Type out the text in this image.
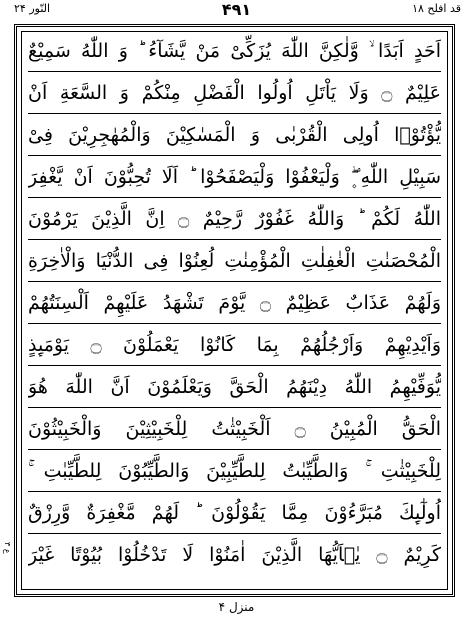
النّور ۲۴	۴۹۱	قد افلح ۱۸
اَحَدٍ اَبَدًا ۙ وَّلٰكِنَّ اللّٰهَ یُزَكِّیْ مَنْ یَّشَآءُ ؕ وَ اللّٰهُ سَمِیْعٌ
عَلِیْمٌ ۝ وَلَا یَاْتَلِ اُولُوا الْفَضْلِ مِنْكُمْ وَ السَّعَةِ اَنْ
یُّؤْتُوْۤا اُولِی الْقُرْبٰی وَ الْمَسٰكِیْنَ وَالْمُهٰجِرِیْنَ فِیْ
سَبِیْلِ اللّٰهِ ۪ۖ وَلْیَعْفُوْا وَلْیَصْفَحُوْا ؕ اَلَا تُحِبُّوْنَ اَنْ یَّغْفِرَ
اللّٰهُ لَكُمْ ؕ وَاللّٰهُ غَفُوْرٌ رَّحِیْمٌ ۝ اِنَّ الَّذِیْنَ یَرْمُوْنَ
الْمُحْصَنٰتِ الْغٰفِلٰتِ الْمُؤْمِنٰتِ لُعِنُوْا فِی الدُّنْیَا وَالْاٰخِرَةِ
وَلَهُمْ عَذَابٌ عَظِیْمٌ ۝ یَّوْمَ تَشْهَدُ عَلَیْهِمْ اَلْسِنَتُهُمْ
وَاَیْدِیْهِمْ وَاَرْجُلُهُمْ بِمَا كَانُوْا یَعْمَلُوْنَ ۝ یَوْمَىِٕذٍ
یُّوَفِّیْهِمُ اللّٰهُ دِیْنَهُمُ الْحَقَّ وَیَعْلَمُوْنَ اَنَّ اللّٰهَ هُوَ
الْحَقُّ الْمُبِیْنُ ۝ اَلْخَبِیْثٰتُ لِلْخَبِیْثِیْنَ وَالْخَبِیْثُوْنَ
لِلْخَبِیْثٰتِ ۚ وَالطَّیِّبٰتُ لِلطَّیِّبِیْنَ وَالطَّیِّبُوْنَ لِلطَّیِّبٰتِ ۚ
اُولٰٓىِٕكَ مُبَرَّءُوْنَ مِمَّا یَقُوْلُوْنَ ؕ لَهُمْ مَّغْفِرَةٌ وَّرِزْقٌ
كَرِیْمٌ ۝ یٰۤاَیُّهَا الَّذِیْنَ اٰمَنُوْا لَا تَدْخُلُوْا بُیُوْتًا غَیْرَ
ع ۳
منزل ۴
